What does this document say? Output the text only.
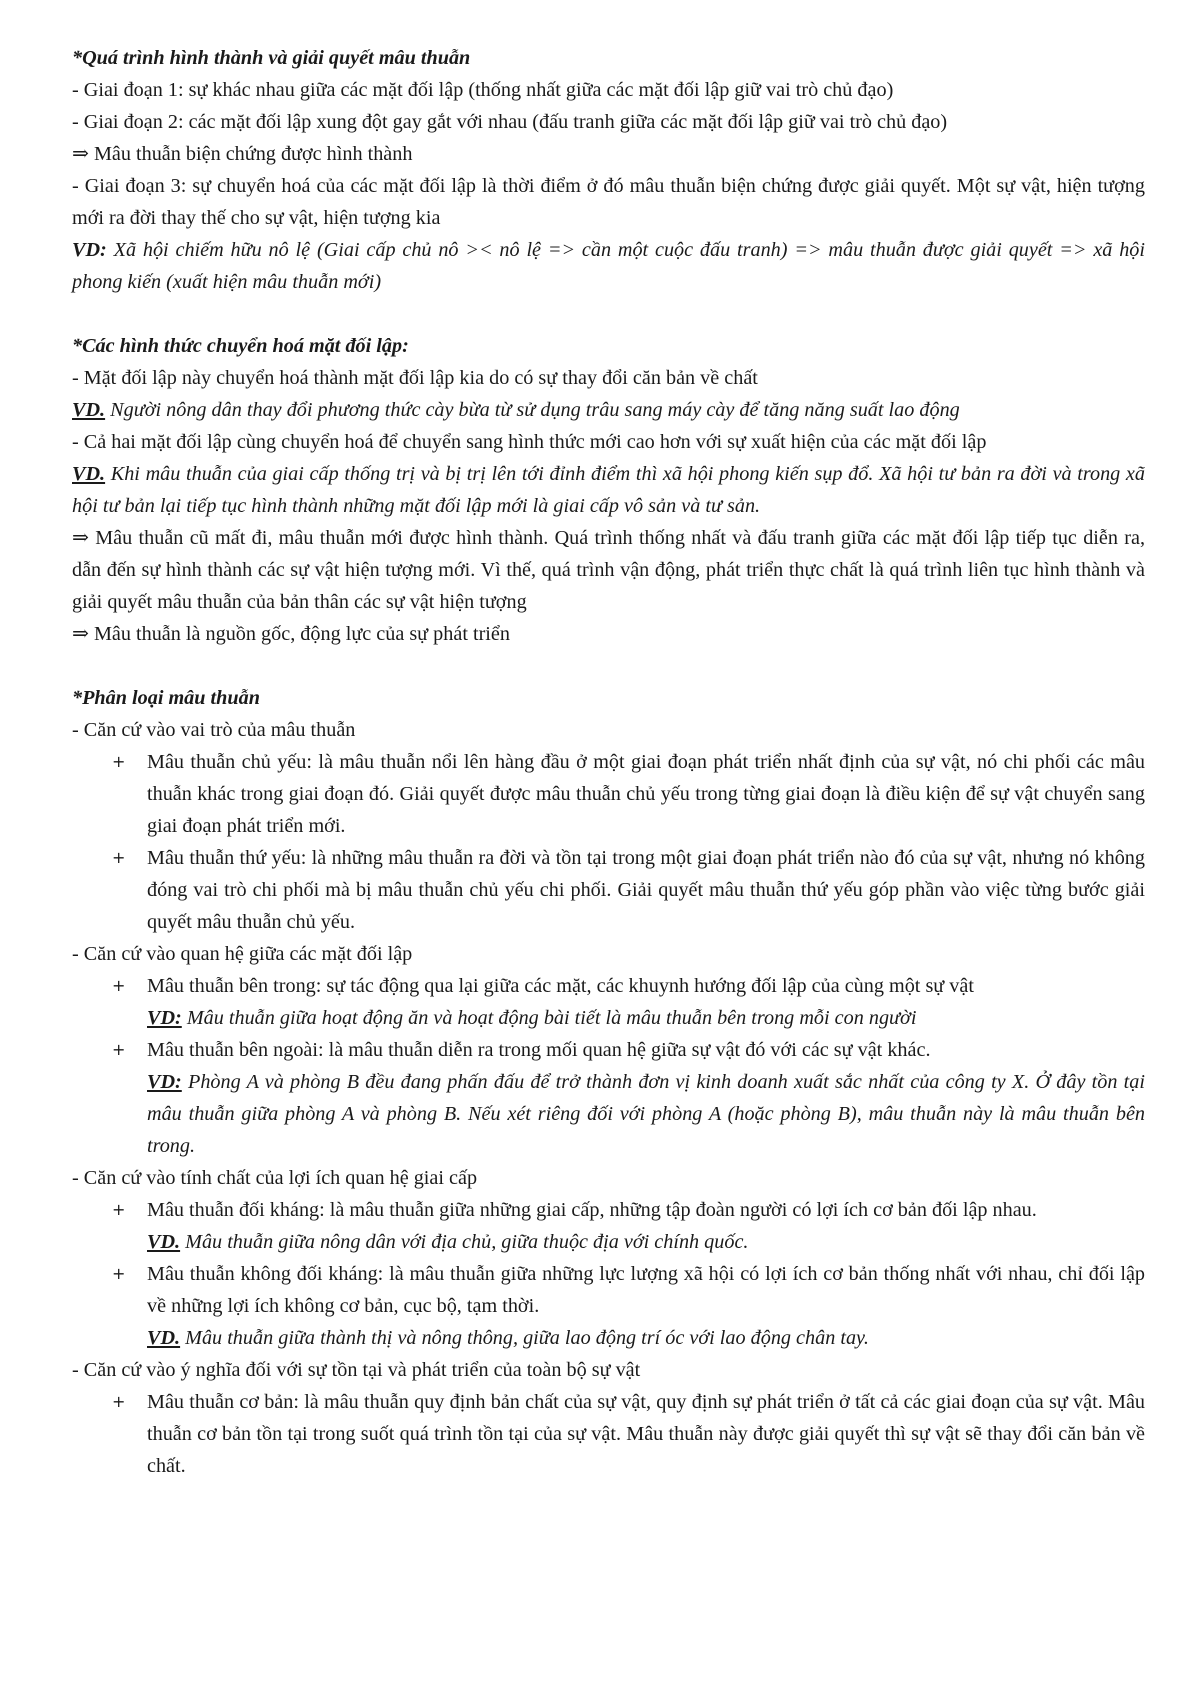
*Quá trình hình thành và giải quyết mâu thuẫn
- Giai đoạn 1: sự khác nhau giữa các mặt đối lập (thống nhất giữa các mặt đối lập giữ vai trò chủ đạo)
- Giai đoạn 2: các mặt đối lập xung đột gay gắt với nhau (đấu tranh giữa các mặt đối lập giữ vai trò chủ đạo)
⇒ Mâu thuẫn biện chứng được hình thành
- Giai đoạn 3: sự chuyển hoá của các mặt đối lập là thời điểm ở đó mâu thuẫn biện chứng được giải quyết. Một sự vật, hiện tượng mới ra đời thay thế cho sự vật, hiện tượng kia
VD: Xã hội chiếm hữu nô lệ (Giai cấp chủ nô >< nô lệ => cần một cuộc đấu tranh) => mâu thuẫn được giải quyết => xã hội phong kiến (xuất hiện mâu thuẫn mới)
*Các hình thức chuyển hoá mặt đối lập:
- Mặt đối lập này chuyển hoá thành mặt đối lập kia do có sự thay đổi căn bản về chất
VD. Người nông dân thay đổi phương thức cày bừa từ sử dụng trâu sang máy cày để tăng năng suất lao động
- Cả hai mặt đối lập cùng chuyển hoá để chuyển sang hình thức mới cao hơn với sự xuất hiện của các mặt đối lập
VD. Khi mâu thuẫn của giai cấp thống trị và bị trị lên tới đỉnh điểm thì xã hội phong kiến sụp đổ. Xã hội tư bản ra đời và trong xã hội tư bản lại tiếp tục hình thành những mặt đối lập mới là giai cấp vô sản và tư sản.
⇒ Mâu thuẫn cũ mất đi, mâu thuẫn mới được hình thành. Quá trình thống nhất và đấu tranh giữa các mặt đối lập tiếp tục diễn ra, dẫn đến sự hình thành các sự vật hiện tượng mới. Vì thế, quá trình vận động, phát triển thực chất là quá trình liên tục hình thành và giải quyết mâu thuẫn của bản thân các sự vật hiện tượng
⇒ Mâu thuẫn là nguồn gốc, động lực của sự phát triển
*Phân loại mâu thuẫn
- Căn cứ vào vai trò của mâu thuẫn
+ Mâu thuẫn chủ yếu: là mâu thuẫn nổi lên hàng đầu ở một giai đoạn phát triển nhất định của sự vật, nó chi phối các mâu thuẫn khác trong giai đoạn đó. Giải quyết được mâu thuẫn chủ yếu trong từng giai đoạn là điều kiện để sự vật chuyển sang giai đoạn phát triển mới.
+ Mâu thuẫn thứ yếu: là những mâu thuẫn ra đời và tồn tại trong một giai đoạn phát triển nào đó của sự vật, nhưng nó không đóng vai trò chi phối mà bị mâu thuẫn chủ yếu chi phối. Giải quyết mâu thuẫn thứ yếu góp phần vào việc từng bước giải quyết mâu thuẫn chủ yếu.
- Căn cứ vào quan hệ giữa các mặt đối lập
+ Mâu thuẫn bên trong: sự tác động qua lại giữa các mặt, các khuynh hướng đối lập của cùng một sự vật
VD: Mâu thuẫn giữa hoạt động ăn và hoạt động bài tiết là mâu thuẫn bên trong mỗi con người
+ Mâu thuẫn bên ngoài: là mâu thuẫn diễn ra trong mối quan hệ giữa sự vật đó với các sự vật khác.
VD: Phòng A và phòng B đều đang phấn đấu để trở thành đơn vị kinh doanh xuất sắc nhất của công ty X. Ở đây tồn tại mâu thuẫn giữa phòng A và phòng B. Nếu xét riêng đối với phòng A (hoặc phòng B), mâu thuẫn này là mâu thuẫn bên trong.
- Căn cứ vào tính chất của lợi ích quan hệ giai cấp
+ Mâu thuẫn đối kháng: là mâu thuẫn giữa những giai cấp, những tập đoàn người có lợi ích cơ bản đối lập nhau.
VD. Mâu thuẫn giữa nông dân với địa chủ, giữa thuộc địa với chính quốc.
+ Mâu thuẫn không đối kháng: là mâu thuẫn giữa những lực lượng xã hội có lợi ích cơ bản thống nhất với nhau, chỉ đối lập về những lợi ích không cơ bản, cục bộ, tạm thời.
VD. Mâu thuẫn giữa thành thị và nông thông, giữa lao động trí óc với lao động chân tay.
- Căn cứ vào ý nghĩa đối với sự tồn tại và phát triển của toàn bộ sự vật
+ Mâu thuẫn cơ bản: là mâu thuẫn quy định bản chất của sự vật, quy định sự phát triển ở tất cả các giai đoạn của sự vật. Mâu thuẫn cơ bản tồn tại trong suốt quá trình tồn tại của sự vật. Mâu thuẫn này được giải quyết thì sự vật sẽ thay đổi căn bản về chất.
